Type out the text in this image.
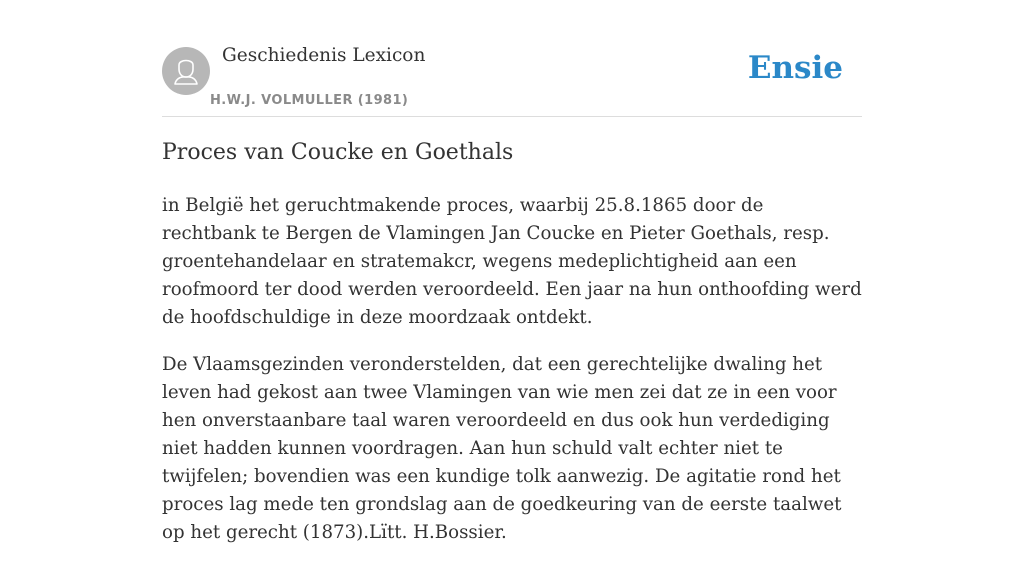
Geschiedenis Lexicon
H.W.J. VOLMULLER (1981)
Ensie
Proces van Coucke en Goethals

in België het geruchtmakende proces, waarbij 25.8.1865 door de rechtbank te Bergen de Vlamingen Jan Coucke en Pieter Goethals, resp. groentehandelaar en stratemakcr, wegens medeplichtigheid aan een roofmoord ter dood werden veroordeeld. Een jaar na hun onthoofding werd de hoofdschuldige in deze moordzaak ontdekt.

De Vlaamsgezinden veronderstelden, dat een gerechtelijke dwaling het leven had gekost aan twee Vlamingen van wie men zei dat ze in een voor hen onverstaanbare taal waren veroordeeld en dus ook hun verdediging niet hadden kunnen voordragen. Aan hun schuld valt echter niet te twijfelen; bovendien was een kundige tolk aanwezig. De agitatie rond het proces lag mede ten grondslag aan de goedkeuring van de eerste taalwet op het gerecht (1873).Lïtt. H.Bossier.
